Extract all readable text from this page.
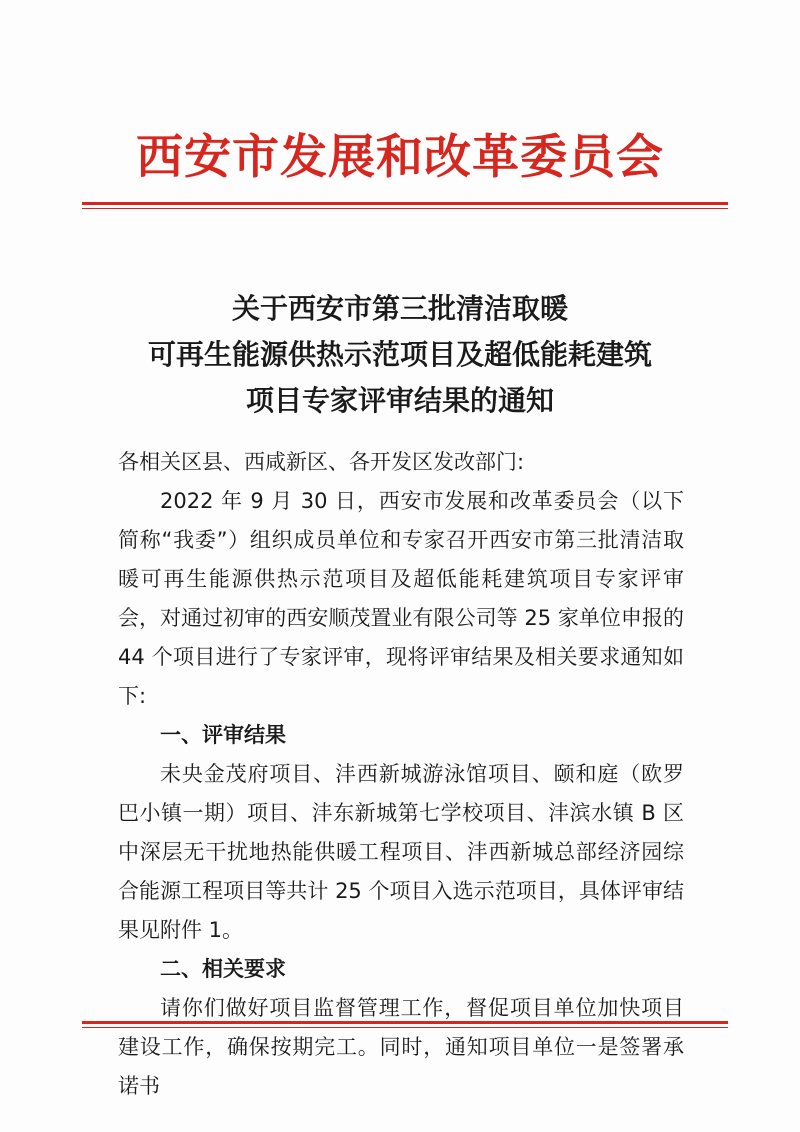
西安市发展和改革委员会
关于西安市第三批清洁取暖
可再生能源供热示范项目及超低能耗建筑
项目专家评审结果的通知

各相关区县、西咸新区、各开发区发改部门:

2022 年 9 月 30 日，西安市发展和改革委员会（以下简称“我委”）组织成员单位和专家召开西安市第三批清洁取暖可再生能源供热示范项目及超低能耗建筑项目专家评审会，对通过初审的西安顺茂置业有限公司等 25 家单位申报的 44 个项目进行了专家评审，现将评审结果及相关要求通知如下:

一、评审结果

未央金茂府项目、沣西新城游泳馆项目、颐和庭（欧罗巴小镇一期）项目、沣东新城第七学校项目、沣滨水镇 B 区中深层无干扰地热能供暖工程项目、沣西新城总部经济园综合能源工程项目等共计 25 个项目入选示范项目，具体评审结果见附件 1。

二、相关要求

请你们做好项目监督管理工作，督促项目单位加快项目建设工作，确保按期完工。同时，通知项目单位一是签署承诺书
